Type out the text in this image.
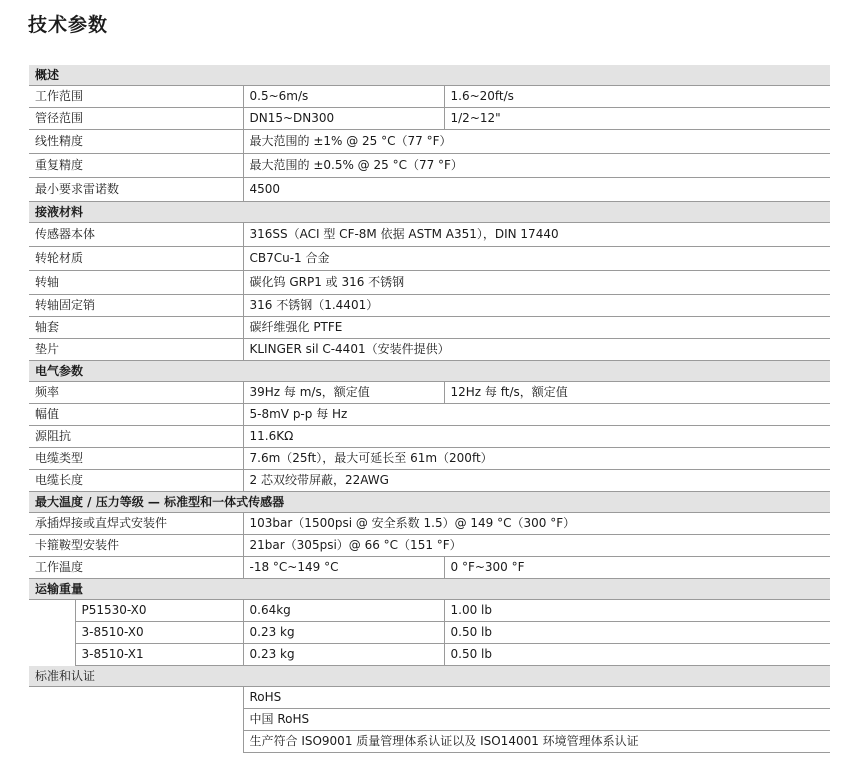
技术参数
概述			
工作范围		0.5~6m/s	1.6~20ft/s
管径范围		DN15~DN300	1/2~12"
线性精度		最大范围的 ±1% @ 25 °C（77 °F）	
重复精度		最大范围的 ±0.5% @ 25 °C（77 °F）	
最小要求雷诺数		4500	
接液材料			
传感器本体		316SS（ACI 型 CF-8M 依据 ASTM A351），DIN 17440	
转轮材质		CB7Cu-1 合金	
转轴		碳化钨 GRP1 或 316 不锈钢	
转轴固定销		316 不锈钢（1.4401）	
轴套		碳纤维强化 PTFE	
垫片		KLINGER sil C-4401（安装件提供）	
电气参数			
频率		39Hz 每 m/s，额定值	12Hz 每 ft/s，额定值
幅值		5-8mV p-p 每 Hz	
源阻抗		11.6KΩ	
电缆类型		7.6m（25ft），最大可延长至 61m（200ft）	
电缆长度		2 芯双绞带屏蔽，22AWG	
最大温度 / 压力等级 — 标准型和一体式传感器			
承插焊接或直焊式安装件		103bar（1500psi @ 安全系数 1.5）@ 149 °C（300 °F）	
卡箍鞍型安装件		21bar（305psi）@ 66 °C（151 °F）	
工作温度		-18 °C~149 °C	0 °F~300 °F
运输重量			
	P51530-X0	0.64kg	1.00 lb
	3-8510-X0	0.23 kg	0.50 lb
	3-8510-X1	0.23 kg	0.50 lb
标准和认证			
		RoHS	
		中国 RoHS	
		生产符合 ISO9001 质量管理体系认证以及 ISO14001 环境管理体系认证	
